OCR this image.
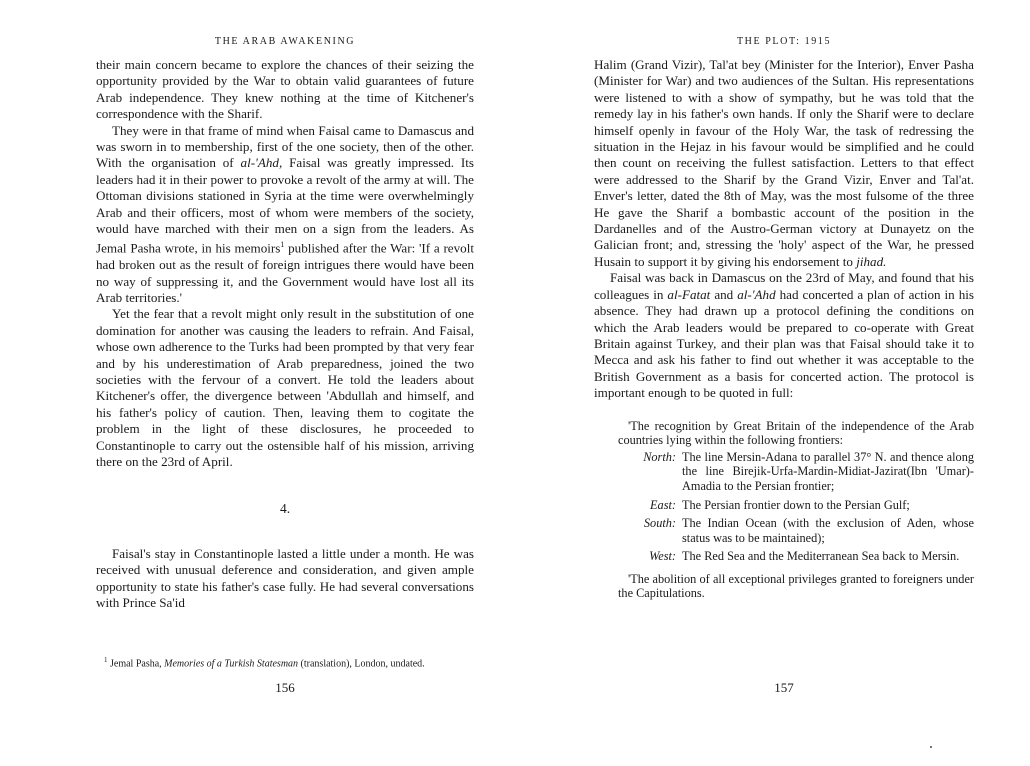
THE ARAB AWAKENING

their main concern became to explore the chances of their seizing the opportunity provided by the War to obtain valid guarantees of future Arab independence. They knew nothing at the time of Kitchener's correspondence with the Sharif.

They were in that frame of mind when Faisal came to Damascus and was sworn in to membership, first of the one society, then of the other. With the organisation of al-'Ahd, Faisal was greatly impressed. Its leaders had it in their power to provoke a revolt of the army at will. The Ottoman divisions stationed in Syria at the time were overwhelmingly Arab and their officers, most of whom were members of the society, would have marched with their men on a sign from the leaders. As Jemal Pasha wrote, in his memoirs$^1$ published after the War: 'If a revolt had broken out as the result of foreign intrigues there would have been no way of suppressing it, and the Government would have lost all its Arab territories.'

Yet the fear that a revolt might only result in the substitution of one domination for another was causing the leaders to refrain. And Faisal, whose own adherence to the Turks had been prompted by that very fear and by his underestimation of Arab preparedness, joined the two societies with the fervour of a convert. He told the leaders about Kitchener's offer, the divergence between 'Abdullah and himself, and his father's policy of caution. Then, leaving them to cogitate the problem in the light of these disclosures, he proceeded to Constantinople to carry out the ostensible half of his mission, arriving there on the 23rd of April.

4.

Faisal's stay in Constantinople lasted a little under a month. He was received with unusual deference and consideration, and given ample opportunity to state his father's case fully. He had several conversations with Prince Sa'id

$^1$ Jemal Pasha, Memories of a Turkish Statesman (translation), London, undated.

156
THE PLOT: 1915

Halim (Grand Vizir), Tal'at bey (Minister for the Interior), Enver Pasha (Minister for War) and two audiences of the Sultan. His representations were listened to with a show of sympathy, but he was told that the remedy lay in his father's own hands. If only the Sharif were to declare himself openly in favour of the Holy War, the task of redressing the situation in the Hejaz in his favour would be simplified and he could then count on receiving the fullest satisfaction. Letters to that effect were addressed to the Sharif by the Grand Vizir, Enver and Tal'at. Enver's letter, dated the 8th of May, was the most fulsome of the three He gave the Sharif a bombastic account of the position in the Dardanelles and of the Austro-German victory at Dunayetz on the Galician front; and, stressing the 'holy' aspect of the War, he pressed Husain to support it by giving his endorsement to jihad.

Faisal was back in Damascus on the 23rd of May, and found that his colleagues in al-Fatat and al-'Ahd had concerted a plan of action in his absence. They had drawn up a protocol defining the conditions on which the Arab leaders would be prepared to co-operate with Great Britain against Turkey, and their plan was that Faisal should take it to Mecca and ask his father to find out whether it was acceptable to the British Government as a basis for concerted action. The protocol is important enough to be quoted in full:

'The recognition by Great Britain of the independence of the Arab countries lying within the following frontiers:

North:	The line Mersin-Adana to parallel 37° N. and thence along the line Birejik-Urfa-Mardin-Midiat-Jazirat(Ibn 'Umar)-Amadia to the Persian frontier;
East:	The Persian frontier down to the Persian Gulf;
South:	The Indian Ocean (with the exclusion of Aden, whose status was to be maintained);
West:	The Red Sea and the Mediterranean Sea back to Mersin.

'The abolition of all exceptional privileges granted to foreigners under the Capitulations.

157
